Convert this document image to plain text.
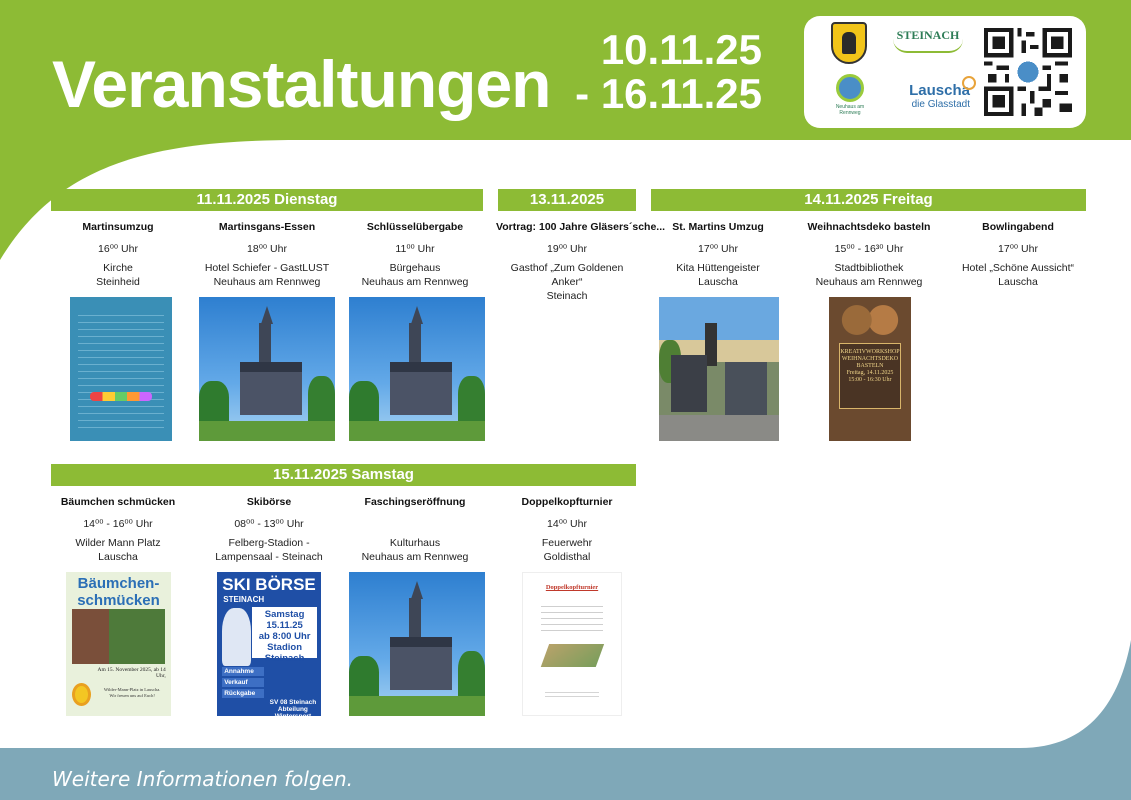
Veranstaltungen	10.11.25
- 16.11.25
STEINACH
Neuhaus am Rennweg
Lauscha
die Glasstadt
11.11.2025 Dienstag	13.11.2025	14.11.2025 Freitag
15.11.2025 Samstag
Martinsumzug
16⁰⁰ Uhr
Kirche
Steinheid
Martinsgans-Essen
18⁰⁰ Uhr
Hotel Schiefer - GastLUST
Neuhaus am Rennweg
Schlüsselübergabe
11⁰⁰ Uhr
Bürgehaus
Neuhaus am Rennweg
Vortrag: 100 Jahre Gläsers´sche...
19⁰⁰ Uhr
Gasthof „Zum Goldenen Anker“
Steinach
St. Martins Umzug
17⁰⁰ Uhr
Kita Hüttengeister
Lauscha
Weihnachtsdeko basteln
15⁰⁰ - 16³⁰ Uhr
Stadtbibliothek
Neuhaus am Rennweg
Bowlingabend
17⁰⁰ Uhr
Hotel „Schöne Aussicht“
Lauscha
KREATIVWORKSHOP
WEIHNACHTSDEKO
BASTELN
Freitag, 14.11.2025
15:00 - 16:30 Uhr
Bäumchen schmücken
14⁰⁰ - 16⁰⁰ Uhr
Wilder Mann Platz
Lauscha
Skibörse
08⁰⁰ - 13⁰⁰ Uhr
Felberg-Stadion -
Lampensaal - Steinach
Faschingseröffnung
Kulturhaus
Neuhaus am Rennweg
Doppelkopfturnier
14⁰⁰ Uhr
Feuerwehr
Goldisthal
Bäumchen-
schmücken
Am 15. November 2025, ab 14 Uhr,
Wilder-Mann-Platz in Lauscha.
Wir freuen uns auf Euch!
SKI BÖRSE
STEINACH
Samstag
15.11.25
ab 8:00 Uhr
Stadion Steinach
Annahme
Verkauf
Rückgabe
SV 08 Steinach
Abteilung Wintersport
Doppelkopfturnier
Weitere Informationen folgen.
